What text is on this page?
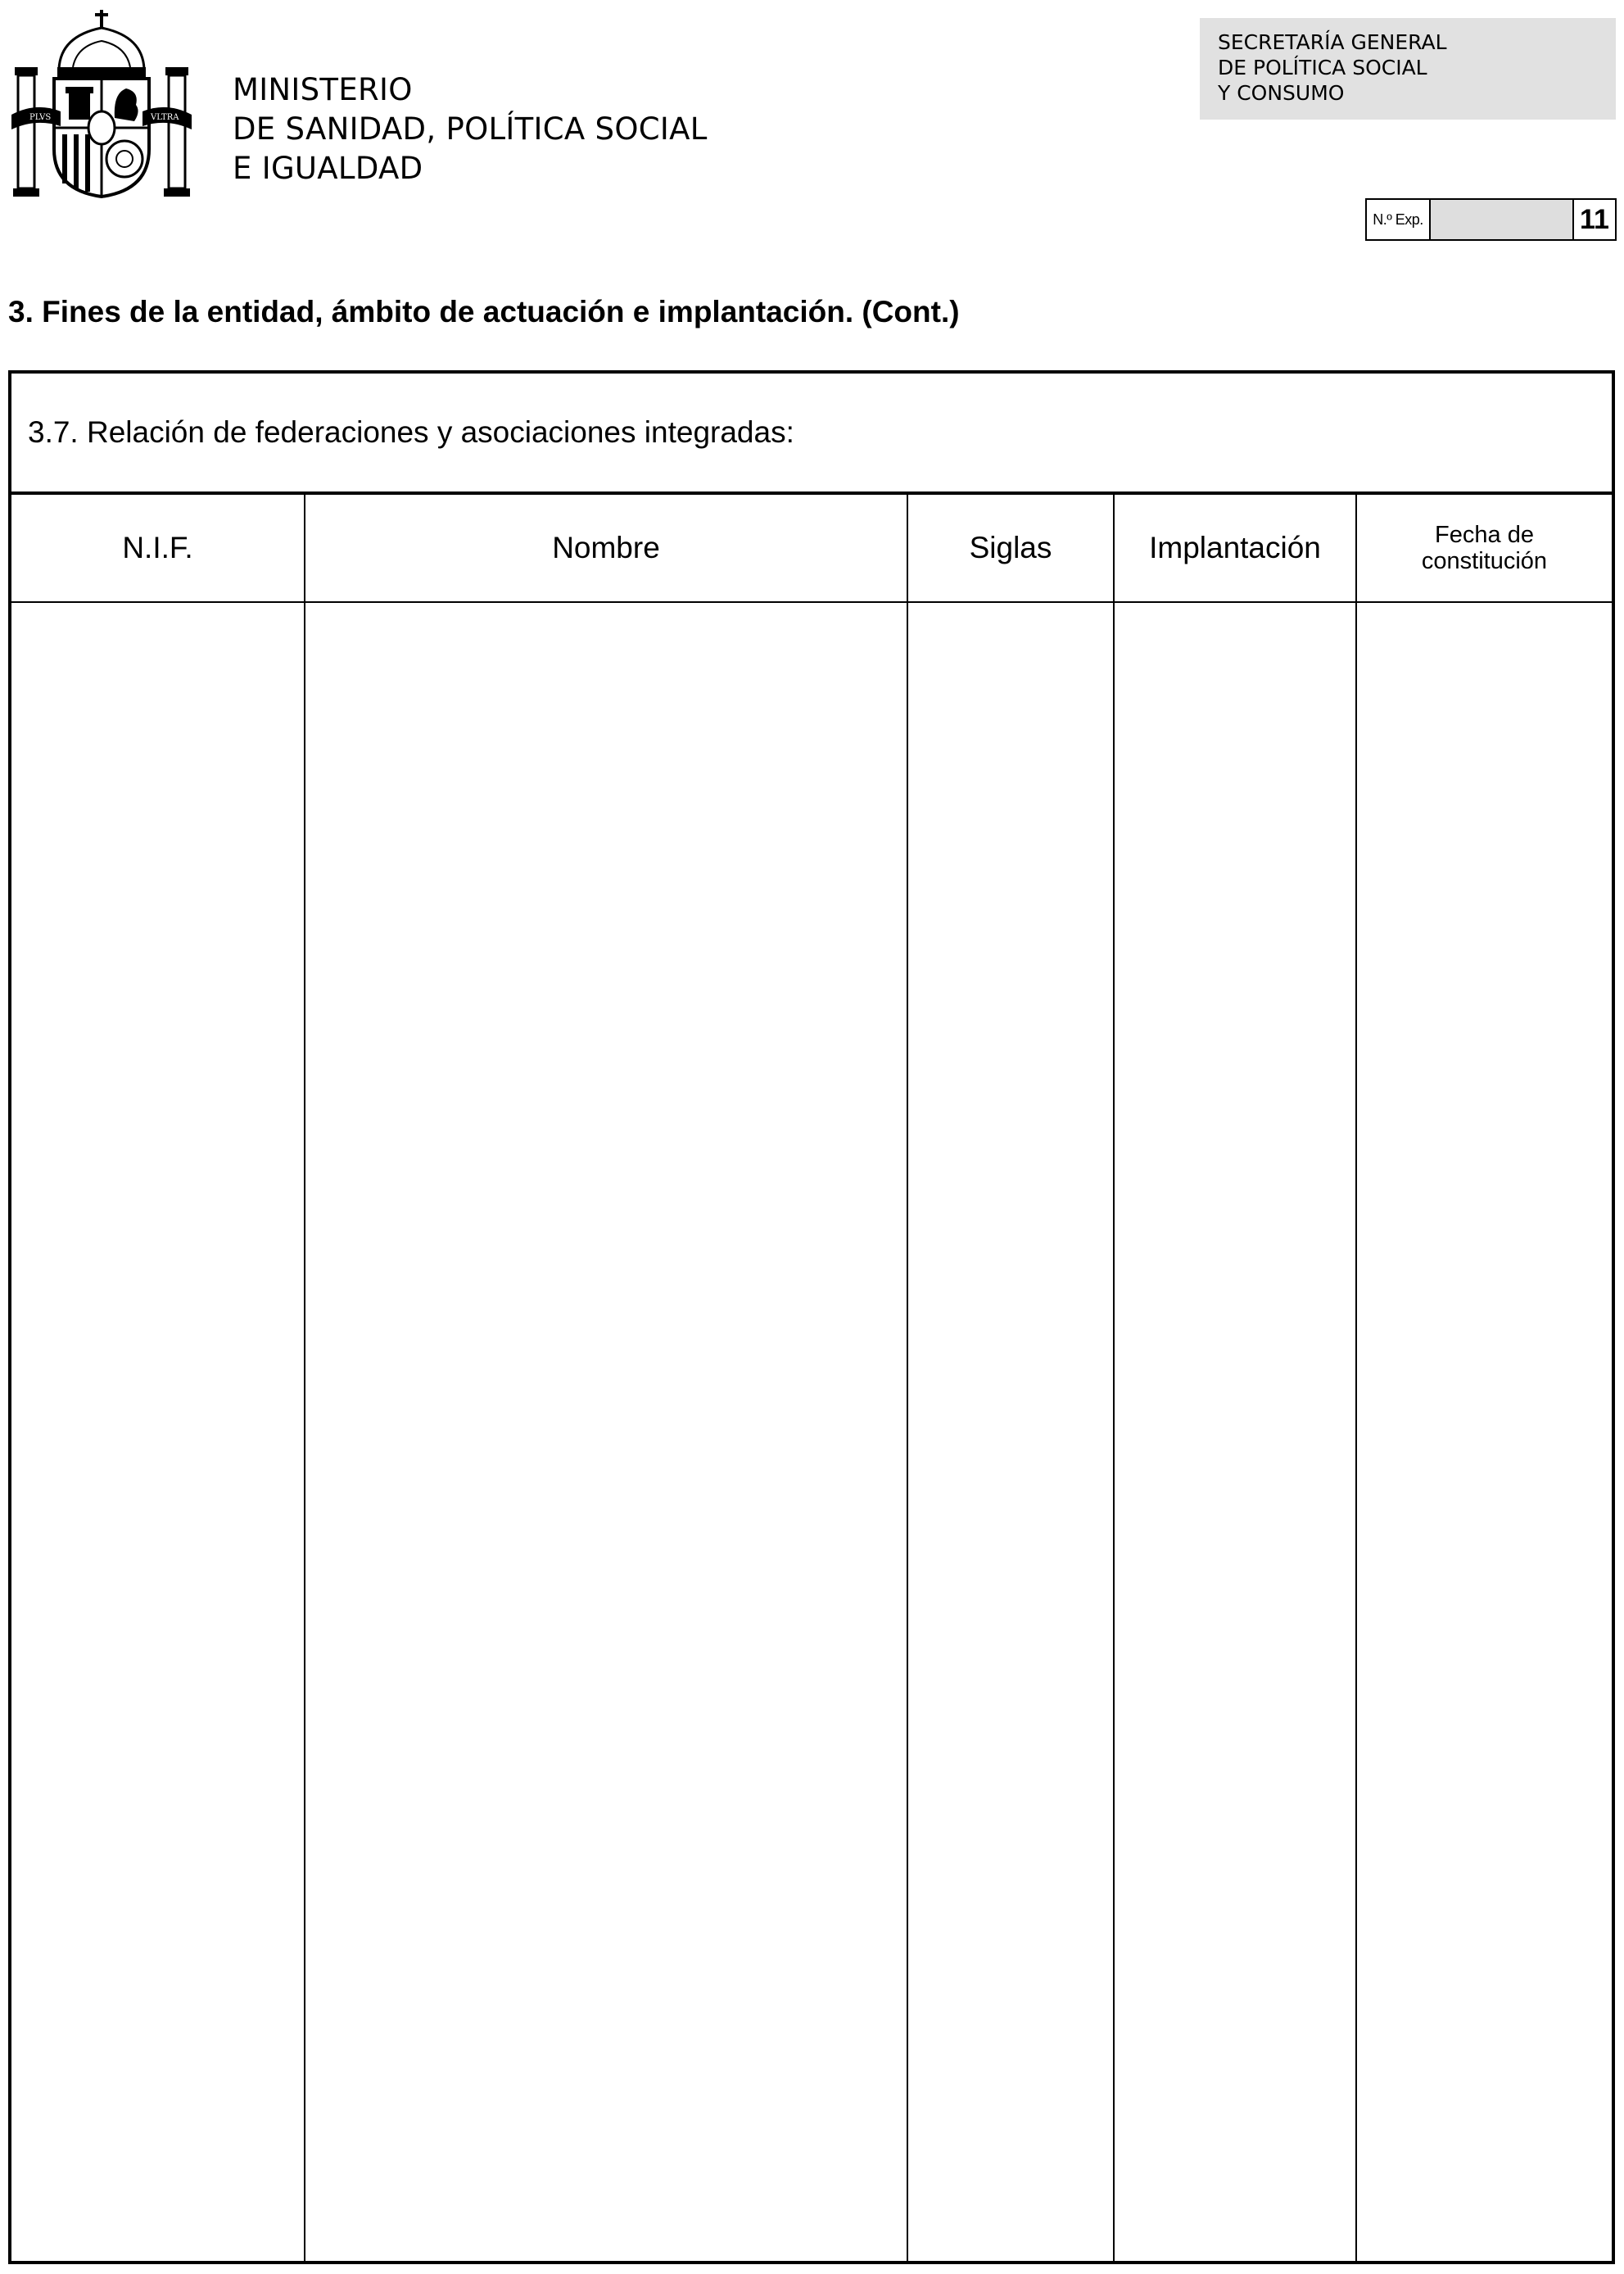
PLVS	VLTRA
MINISTERIO
DE SANIDAD, POLÍTICA SOCIAL
E IGUALDAD
SECRETARÍA GENERAL
DE POLÍTICA SOCIAL
Y CONSUMO
N.º Exp.	11
3. Fines de la entidad, ámbito de actuación e implantación. (Cont.)
3.7. Relación de federaciones y asociaciones integradas:
N.I.F.	Nombre	Siglas	Implantación	Fecha de
constitución
